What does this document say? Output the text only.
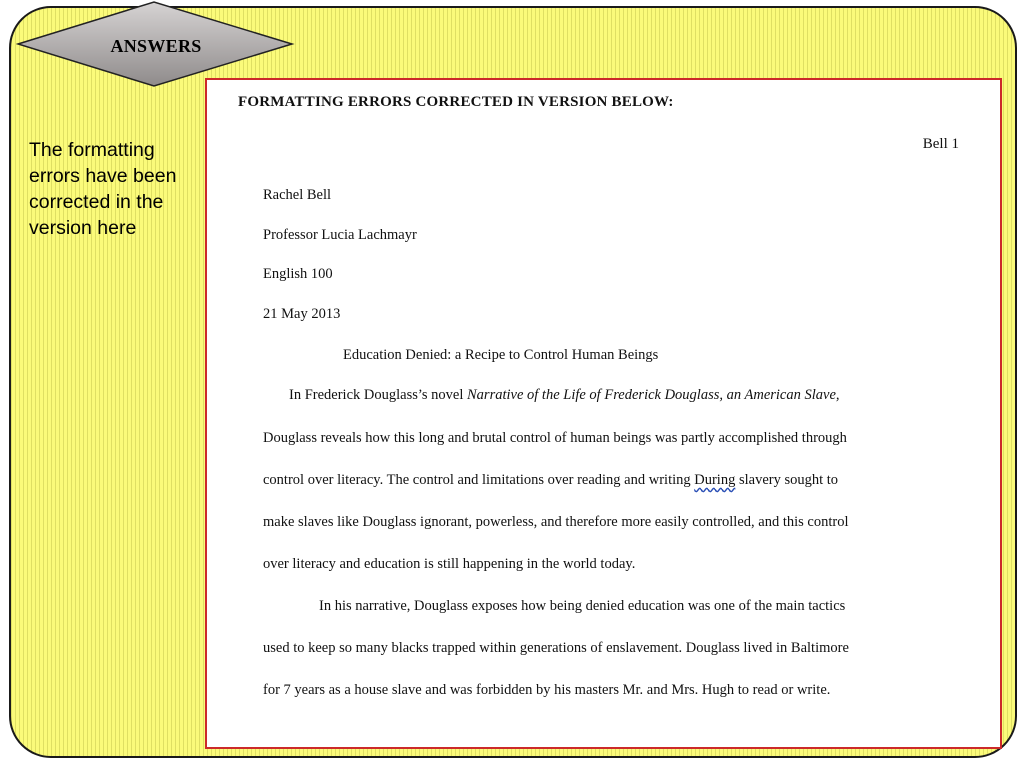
ANSWERS
The formatting errors have been corrected in the version here
FORMATTING ERRORS CORRECTED IN VERSION BELOW:
Bell 1
Rachel Bell
Professor Lucia Lachmayr
English 100
21 May 2013
Education Denied: a Recipe to Control Human Beings
In Frederick Douglass’s novel Narrative of the Life of Frederick Douglass, an American Slave,
Douglass reveals how this long and brutal control of human beings was partly accomplished through
control over literacy. The control and limitations over reading and writing During slavery sought to
make slaves like Douglass ignorant, powerless, and therefore more easily controlled, and this control
over literacy and education is still happening in the world today.
In his narrative, Douglass exposes how being denied education was one of the main tactics
used to keep so many blacks trapped within generations of enslavement. Douglass lived in Baltimore
for 7 years as a house slave and was forbidden by his masters Mr. and Mrs. Hugh to read or write.
